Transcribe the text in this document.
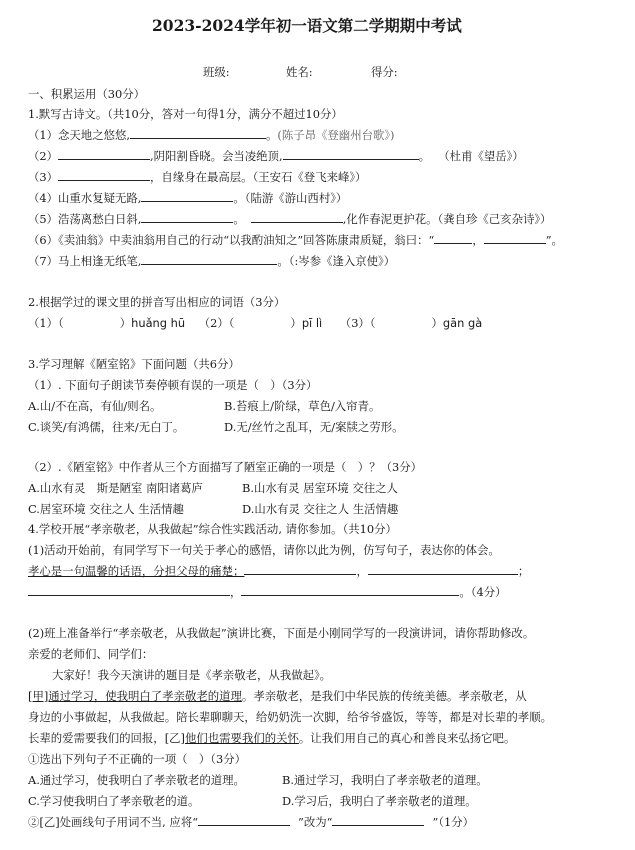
2023-2024学年初一语文第二学期期中考试
班级:	姓名:	得分:
一、积累运用（30分）
1.默写古诗文。（共10分，答对一句得1分，满分不超过10分）
（1）念天地之悠悠,	。(陈子昂《登幽州台歌》)
（2）	,阴阳割昏晓。会当凌绝顶,	。 （杜甫《望岳》）
（3）	，自缘身在最高层。（王安石《登飞来峰》）
（4）山重水复疑无路,	。（陆游《游山西村》）
（5）浩荡离愁白日斜,	。	,化作春泥更护花。（龚自珍《己亥杂诗》）
（6）《卖油翁》中卖油翁用自己的行动“以我酌油知之”回答陈康肃质疑，翁曰：“	，	”。
（7）马上相逢无纸笔,	。（:岑参《逢入京使》）
2.根据学过的课文里的拼音写出相应的词语（3分）
（1）（	）huǎng hū （2）（	）pī lì （3）（	）gān gà
3.学习理解《陋室铭》下面问题（共6分）
（1）. 下面句子朗读节奏停顿有误的一项是（　）（3分）
A.山/不在高，有仙/则名。	B.苔痕上/阶绿，草色/入帘青。
C.谈笑/有鸿儒，往来/无白丁。	D.无/丝竹之乱耳，无/案牍之劳形。
（2）.《陋室铭》中作者从三个方面描写了陋室正确的一项是（　）？（3分）
A.山水有灵　斯是陋室 南阳诸葛庐	B.山水有灵 居室环境 交往之人
C.居室环境 交往之人 生活情趣	D.山水有灵 交往之人 生活情趣
4.学校开展“孝亲敬老，从我做起”综合性实践活动, 请你参加。（共10分）
(1)活动开始前，有同学写下一句关于孝心的感悟，请你以此为例，仿写句子，表达你的体会。
孝心是一句温馨的话语，分担父母的痛楚；	，	；
，	。（4分）
(2)班上准备举行“孝亲敬老，从我做起”演讲比赛，下面是小刚同学写的一段演讲词，请你帮助修改。
亲爱的老师们、同学们：
大家好！我今天演讲的题目是《孝亲敬老，从我做起》。
[甲]通过学习，使我明白了孝亲敬老的道理。孝亲敬老，是我们中华民族的传统美德。孝亲敬老，从
身边的小事做起，从我做起。陪长辈聊聊天，给奶奶洗一次脚，给爷爷盛饭，等等，都是对长辈的孝顺。
长辈的爱需要我们的回报，[乙]他们也需要我们的关怀。让我们用自己的真心和善良来弘扬它吧。
①选出下列句子不正确的一项（　）（3分）
A.通过学习，使我明白了孝亲敬老的道理。	B.通过学习，我明白了孝亲敬老的道理。
C.学习使我明白了孝亲敬老的道。	D.学习后，我明白了孝亲敬老的道理。
②[乙]处画线句子用词不当, 应将“	”改为“	”（1分）
